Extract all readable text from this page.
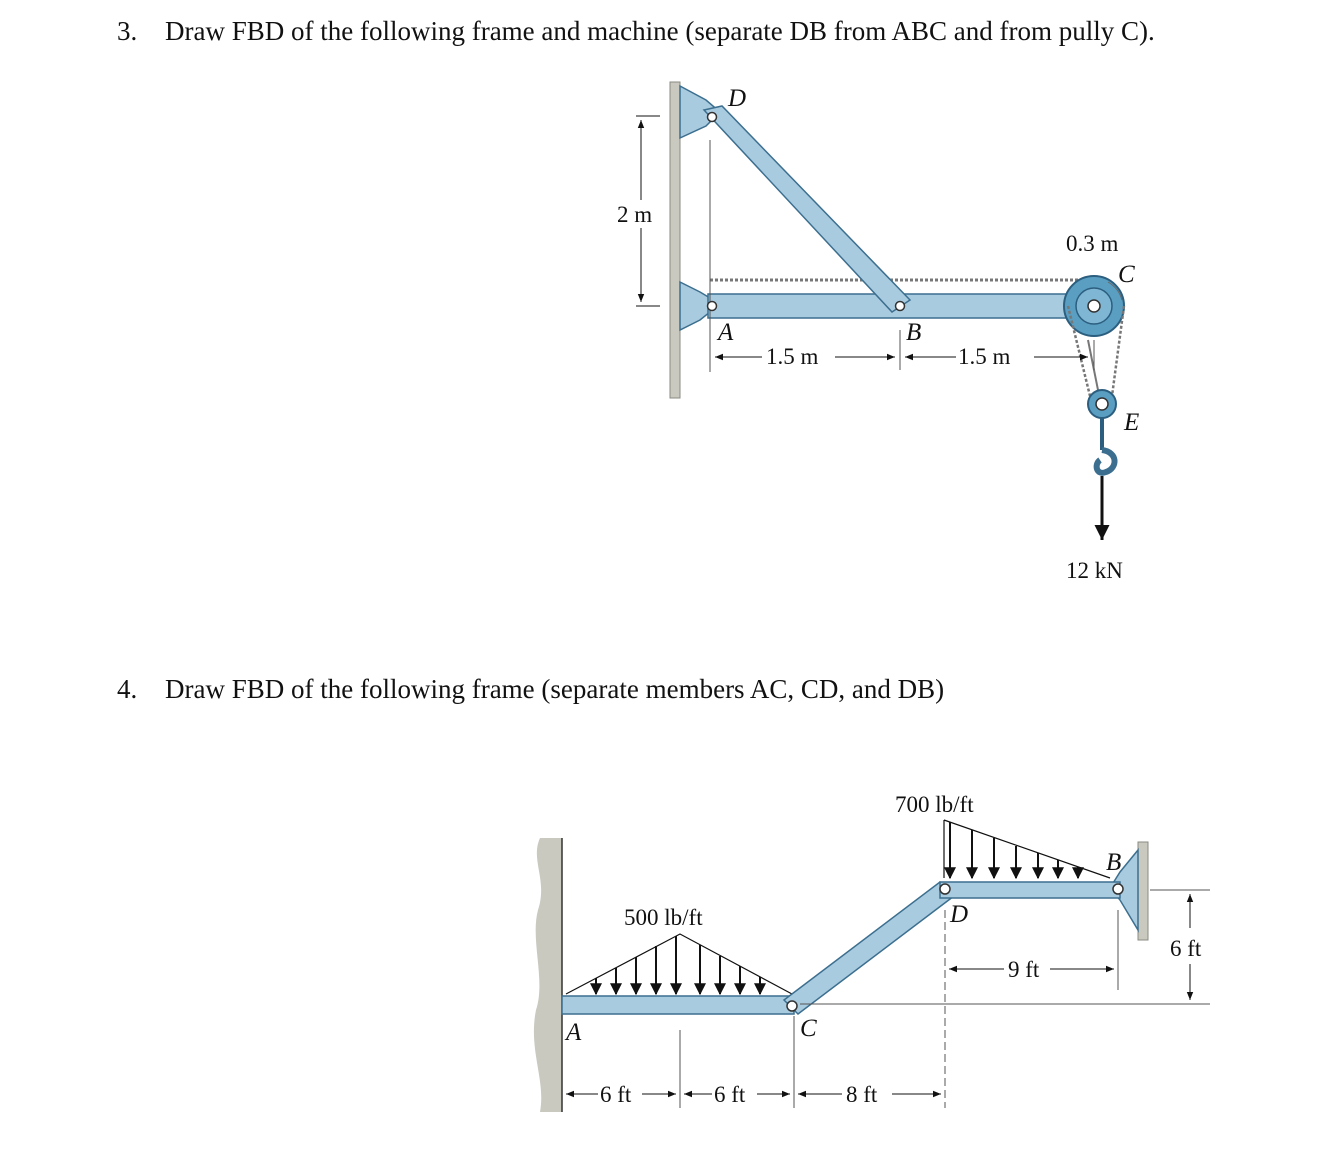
3. Draw FBD of the following frame and machine (separate DB from ABC and from pully C).
4. Draw FBD of the following frame (separate members AC, CD, and DB)
2 m
D
A	B
C
E
0.3 m
12 kN
1.5 m	1.5 m
500 lb/ft
700 lb/ft
A	C
D
B
6 ft	6 ft	8 ft
9 ft
6 ft
